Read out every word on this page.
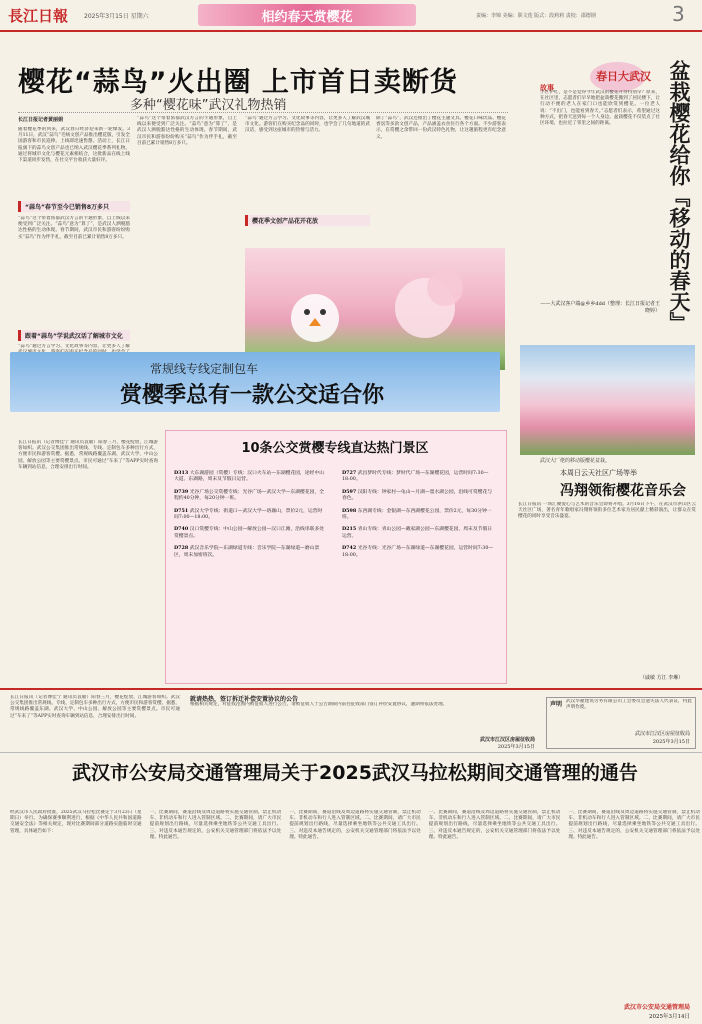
長江日報	2025年3月15日 星期六	相约春天赏樱花	责编：李锦 美编：职文莲 版式：段莉莉 责校：邵德钢	3
樱花“蒜鸟”火出圈 上市首日卖断货
多种“樱花味”武汉礼物热销
长江日报记者黄丽娟
随着樱花季的到来，武汉春日经济迎来新一轮爆发。3月11日，武汉“蒜鸟”毛绒文创产品推出樱花版，引发全国游客和市民追捧。上线即迅速售罄。活动上，长江日报旗下的蒜鸟文创产品也已纳入武汉樱花季系列礼物。通过将城市文化与樱花元素相结合，这批新品在线上线下渠道同步发售，在社交平台收获大量好评。
“蒜鸟”春节至今已销售8万多只
“蒜鸟”这个带着浓郁武汉方言的卡通形象，自上线以来便受到广泛关注。“蒜鸟”意为“算了”，是武汉人洒脱豁达性格的生动体现。春节期间，武汉市民和游客纷纷购买“蒜鸟”作为伴手礼，截至目前已累计销售8万多只。
跟着“蒜鸟”学说武汉话了解城市文化
“蒜鸟”通过方言学习、文化故事等内容，让更多人了解
“蒜鸟”这个带着浓郁武汉方言的卡通形象，自上线以来便受到广泛关注。“蒜鸟”意为“算了”，是武汉人洒脱豁达性格的生动体现。春节期间，武汉市民和游客纷纷购买“蒜鸟”作为伴手礼，截至目前已累计销售8万多只。
“蒜鸟”通过方言学习、文化故事等内容，让更多人了解武汉城市文化。游客们在购买纪念品的同时，也学会了几句地道的武汉话，感受到这座城市的热情与活力。
樱花季文创产品花开花放
除了“蒜鸟”，武汉还推出了樱花主题文具、樱花口味饮品、樱花香氛等多款文创产品，产品涵盖衣食住行各个方面。不少游客表示，在赏樱之余带回一份武汉特色礼物，让这趟旅程更有纪念意义。
春日大武汉
故事	盆栽樱花给你『移动的春天』
小区伊红，是不是觉得今年武汉的樱花开得特别早？原来，在社区里，志愿者们早早地把盆栽樱花搬到了居民楼下，让行动不便的老人在家门口也能欣赏到樱花。一位老人说：“不出门，也能看到春天。”志愿者们表示，希望通过这种方式，把春天送到每一个人身边。盆栽樱花不仅装点了社区环境，也拉近了邻里之间的距离。
——大武汉客户端@乡乡ddd（整理：长江日报记者王晓婷）
武汉大厂佬的移动版樱花盆栽。
常规线专线定制包车
赏樱季总有一款公交适合你
长江日报讯（记者傅佳宁 通讯员袁敏）阳春三月，樱花绽放，江城游客如织。武汉公交集团推出常规线、专线、定制包车多种出行方式，方便市民和游客赏樱。据悉，常规线路覆盖东湖、武汉大学、中山公园、解放公园等主要赏樱景点。市民可通过“车来了”等APP实时查询车辆到站信息，合理安排出行时间。
10条公交赏樱专线直达热门景区
D313 大东湖游园（赏樱）专线：汉口火车站—东湖樱花园，途经中山大道、东湖路，周末及节假日运营。
D739 光谷广场公交赏樱专线：光谷广场—武汉大学—东湖樱花园，全程约40分钟，每20分钟一班。
D751 武汉大学专线：街道口—武汉大学—珞珈山，票价2元，运营时间7:00—18:00。
D740 汉口赏樱专线：中山公园—解放公园—汉口江滩，沿线串联多处赏樱景点。
D728 武汉音乐学院—东湖绿道专线：音乐学院—东湖绿道—磨山景区，周末加密班次。
D727 武昌梦时代专线：梦时代广场—东湖樱花园，运营时间7:30—18:00。
D597 汉阳专线：钟家村—龟山—月湖—墨水湖公园，沿线可赏樱花与春色。
D598 东西湖专线：金银湖—东西湖樱花公园，票价2元，每30分钟一班。
D215 青山专线：青山公园—戴家湖公园—东湖樱花园，周末及节假日运营。
D742 光谷专线：光谷广场—东湖绿道—东湖樱花园，运营时间7:30—18:00。
本周日云天社区广场等举
冯翔领衔樱花音乐会
长江日报讯 一场汇聚爱心与艺术的音乐会即将开唱。3月16日下午，在武汉市洪山区云天社区广场，著名青年歌唱家冯翔将领衔多位艺术家为居民献上精彩演出，让群众在赏樱花的同时享受音乐盛宴。
（戚敏 方江 李琳）
长江日报讯（记者傅佳宁 通讯员袁敏）阳春三月，樱花绽放，江城游客如织。武汉公交集团推出常规线、专线、定制包车多种出行方式，方便市民和游客赏樱。据悉，常规线路覆盖东湖、武汉大学、中山公园、解放公园等主要赏樱景点。市民可通过“车来了”等APP实时查询车辆到站信息，合理安排出行时间。
就请热热，签订拆迁补偿安置协议的公告
根据相关规定，对征收范围内被征收人进行公告，请被征收人于公告期限内前往征收部门签订补偿安置协议，逾期将依法处理。
武汉市江汉区房屋征收局
2025年3月15日
声明 武汉华麓建筑劳务有限公司工会委员会遗失法人代表证，特此声明作废。
武汉市江汉区房屋征收局
2025年3月15日
武汉市公安局交通管理局关于2025武汉马拉松期间交通管理的通告
经武汉市人民政府批准，2025武汉马拉松比赛定于3月23日（星期日）举行。为确保赛事顺利进行，根据《中华人民共和国道路交通安全法》等相关规定，现对比赛期间部分道路实施临时交通管理，具体通告如下：
一、比赛期间，赛道沿线及周边道路将实施交通管制，禁止机动车、非机动车和行人进入管制区域。二、比赛期间，请广大市民提前规划出行路线，尽量选择乘坐地铁等公共交通工具出行。三、对违反本通告规定的，公安机关交通管理部门将依法予以处理。特此通告。
一、比赛期间，赛道沿线及周边道路将实施交通管制，禁止机动车、非机动车和行人进入管制区域。二、比赛期间，请广大市民提前规划出行路线，尽量选择乘坐地铁等公共交通工具出行。三、对违反本通告规定的，公安机关交通管理部门将依法予以处理。特此通告。
一、比赛期间，赛道沿线及周边道路将实施交通管制，禁止机动车、非机动车和行人进入管制区域。二、比赛期间，请广大市民提前规划出行路线，尽量选择乘坐地铁等公共交通工具出行。三、对违反本通告规定的，公安机关交通管理部门将依法予以处理。特此通告。
一、比赛期间，赛道沿线及周边道路将实施交通管制，禁止机动车、非机动车和行人进入管制区域。二、比赛期间，请广大市民提前规划出行路线，尽量选择乘坐地铁等公共交通工具出行。三、对违反本通告规定的，公安机关交通管理部门将依法予以处理。特此通告。
武汉市公安局交通管理局
2025年3月14日
